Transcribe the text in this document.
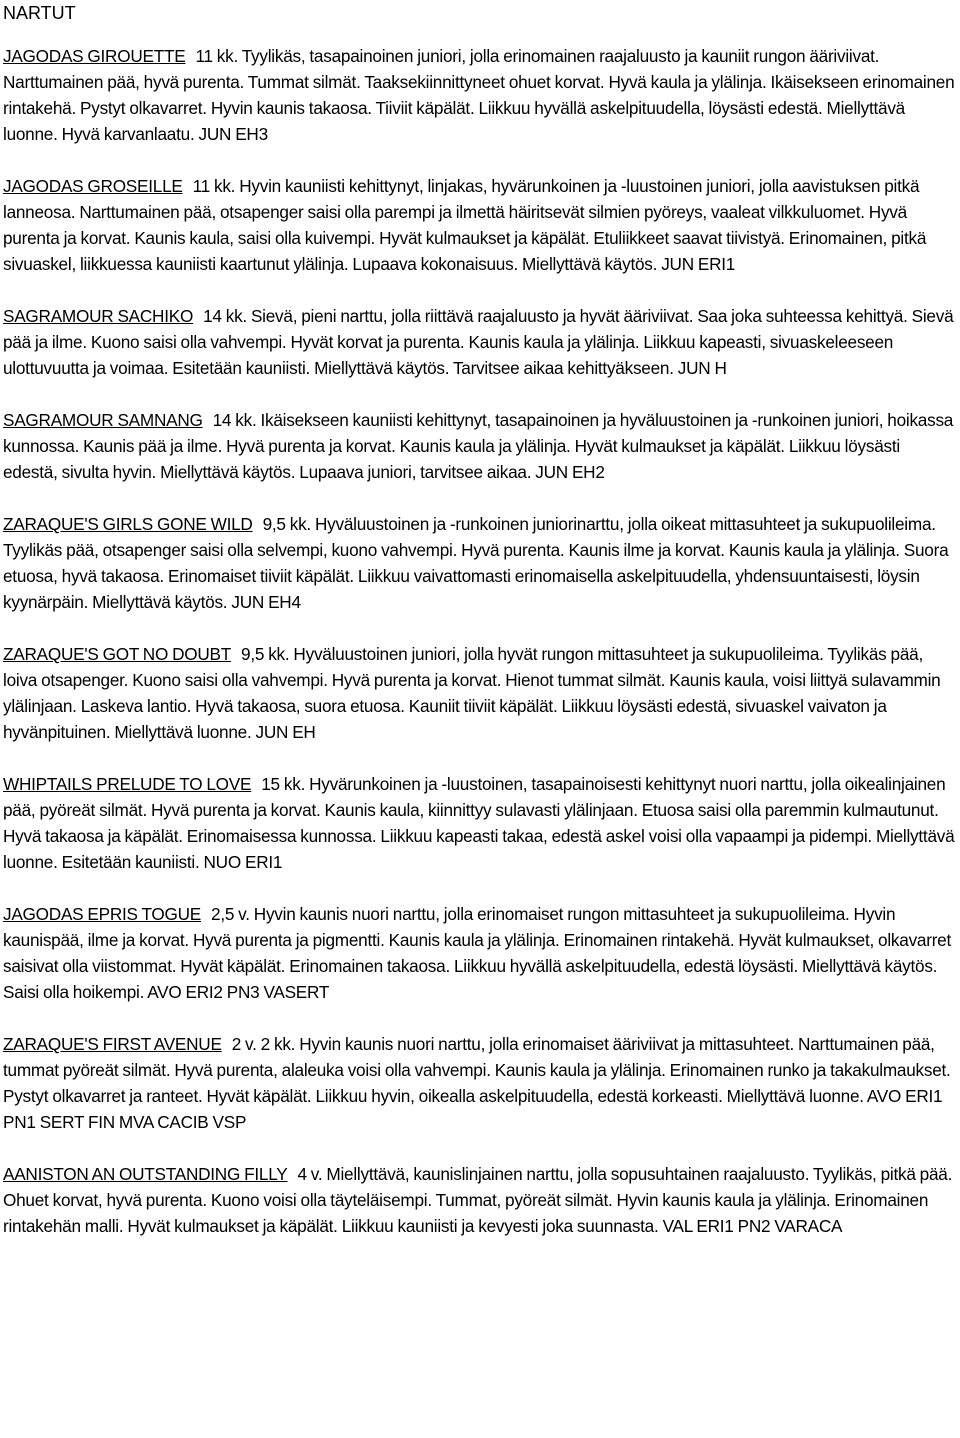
NARTUT

JAGODAS GIROUETTE 11 kk. Tyylikäs, tasapainoinen juniori, jolla erinomainen raajaluusto ja kauniit rungon ääriviivat. Narttumainen pää, hyvä purenta. Tummat silmät. Taaksekiinnittyneet ohuet korvat. Hyvä kaula ja ylälinja. Ikäisekseen erinomainen rintakehä. Pystyt olkavarret. Hyvin kaunis takaosa. Tiiviit käpälät. Liikkuu hyvällä askelpituudella, löysästi edestä. Miellyttävä luonne. Hyvä karvanlaatu. JUN EH3

JAGODAS GROSEILLE 11 kk. Hyvin kauniisti kehittynyt, linjakas, hyvärunkoinen ja -luustoinen juniori, jolla aavistuksen pitkä lanneosa. Narttumainen pää, otsapenger saisi olla parempi ja ilmettä häiritsevät silmien pyöreys, vaaleat vilkkuluomet. Hyvä purenta ja korvat. Kaunis kaula, saisi olla kuivempi. Hyvät kulmaukset ja käpälät. Etuliikkeet saavat tiivistyä. Erinomainen, pitkä sivuaskel, liikkuessa kauniisti kaartunut ylälinja. Lupaava kokonaisuus. Miellyttävä käytös. JUN ERI1

SAGRAMOUR SACHIKO 14 kk. Sievä, pieni narttu, jolla riittävä raajaluusto ja hyvät ääriviivat. Saa joka suhteessa kehittyä. Sievä pää ja ilme. Kuono saisi olla vahvempi. Hyvät korvat ja purenta. Kaunis kaula ja ylälinja. Liikkuu kapeasti, sivuaskeleeseen ulottuvuutta ja voimaa. Esitetään kauniisti. Miellyttävä käytös. Tarvitsee aikaa kehittyäkseen. JUN H

SAGRAMOUR SAMNANG 14 kk. Ikäisekseen kauniisti kehittynyt, tasapainoinen ja hyväluustoinen ja -runkoinen juniori, hoikassa kunnossa. Kaunis pää ja ilme. Hyvä purenta ja korvat. Kaunis kaula ja ylälinja. Hyvät kulmaukset ja käpälät. Liikkuu löysästi edestä, sivulta hyvin. Miellyttävä käytös. Lupaava juniori, tarvitsee aikaa. JUN EH2

ZARAQUE'S GIRLS GONE WILD 9,5 kk. Hyväluustoinen ja -runkoinen juniorinarttu, jolla oikeat mittasuhteet ja sukupuolileima. Tyylikäs pää, otsapenger saisi olla selvempi, kuono vahvempi. Hyvä purenta. Kaunis ilme ja korvat. Kaunis kaula ja ylälinja. Suora etuosa, hyvä takaosa. Erinomaiset tiiviit käpälät. Liikkuu vaivattomasti erinomaisella askelpituudella, yhdensuuntaisesti, löysin kyynärpäin. Miellyttävä käytös. JUN EH4

ZARAQUE'S GOT NO DOUBT 9,5 kk. Hyväluustoinen juniori, jolla hyvät rungon mittasuhteet ja sukupuolileima. Tyylikäs pää, loiva otsapenger. Kuono saisi olla vahvempi. Hyvä purenta ja korvat. Hienot tummat silmät. Kaunis kaula, voisi liittyä sulavammin ylälinjaan. Laskeva lantio. Hyvä takaosa, suora etuosa. Kauniit tiiviit käpälät. Liikkuu löysästi edestä, sivuaskel vaivaton ja hyvänpituinen. Miellyttävä luonne. JUN EH

WHIPTAILS PRELUDE TO LOVE 15 kk. Hyvärunkoinen ja -luustoinen, tasapainoisesti kehittynyt nuori narttu, jolla oikealinjainen pää, pyöreät silmät. Hyvä purenta ja korvat. Kaunis kaula, kiinnittyy sulavasti ylälinjaan. Etuosa saisi olla paremmin kulmautunut. Hyvä takaosa ja käpälät. Erinomaisessa kunnossa. Liikkuu kapeasti takaa, edestä askel voisi olla vapaampi ja pidempi. Miellyttävä luonne. Esitetään kauniisti. NUO ERI1

JAGODAS EPRIS TOGUE 2,5 v. Hyvin kaunis nuori narttu, jolla erinomaiset rungon mittasuhteet ja sukupuolileima. Hyvin kaunispää, ilme ja korvat. Hyvä purenta ja pigmentti. Kaunis kaula ja ylälinja. Erinomainen rintakehä. Hyvät kulmaukset, olkavarret saisivat olla viistommat. Hyvät käpälät. Erinomainen takaosa. Liikkuu hyvällä askelpituudella, edestä löysästi. Miellyttävä käytös. Saisi olla hoikempi. AVO ERI2 PN3 VASERT

ZARAQUE'S FIRST AVENUE 2 v. 2 kk. Hyvin kaunis nuori narttu, jolla erinomaiset ääriviivat ja mittasuhteet. Narttumainen pää, tummat pyöreät silmät. Hyvä purenta, alaleuka voisi olla vahvempi. Kaunis kaula ja ylälinja. Erinomainen runko ja takakulmaukset. Pystyt olkavarret ja ranteet. Hyvät käpälät. Liikkuu hyvin, oikealla askelpituudella, edestä korkeasti. Miellyttävä luonne. AVO ERI1 PN1 SERT FIN MVA CACIB VSP

AANISTON AN OUTSTANDING FILLY 4 v. Miellyttävä, kaunislinjainen narttu, jolla sopusuhtainen raajaluusto. Tyylikäs, pitkä pää. Ohuet korvat, hyvä purenta. Kuono voisi olla täyteläisempi. Tummat, pyöreät silmät. Hyvin kaunis kaula ja ylälinja. Erinomainen rintakehän malli. Hyvät kulmaukset ja käpälät. Liikkuu kauniisti ja kevyesti joka suunnasta. VAL ERI1 PN2 VARACA
